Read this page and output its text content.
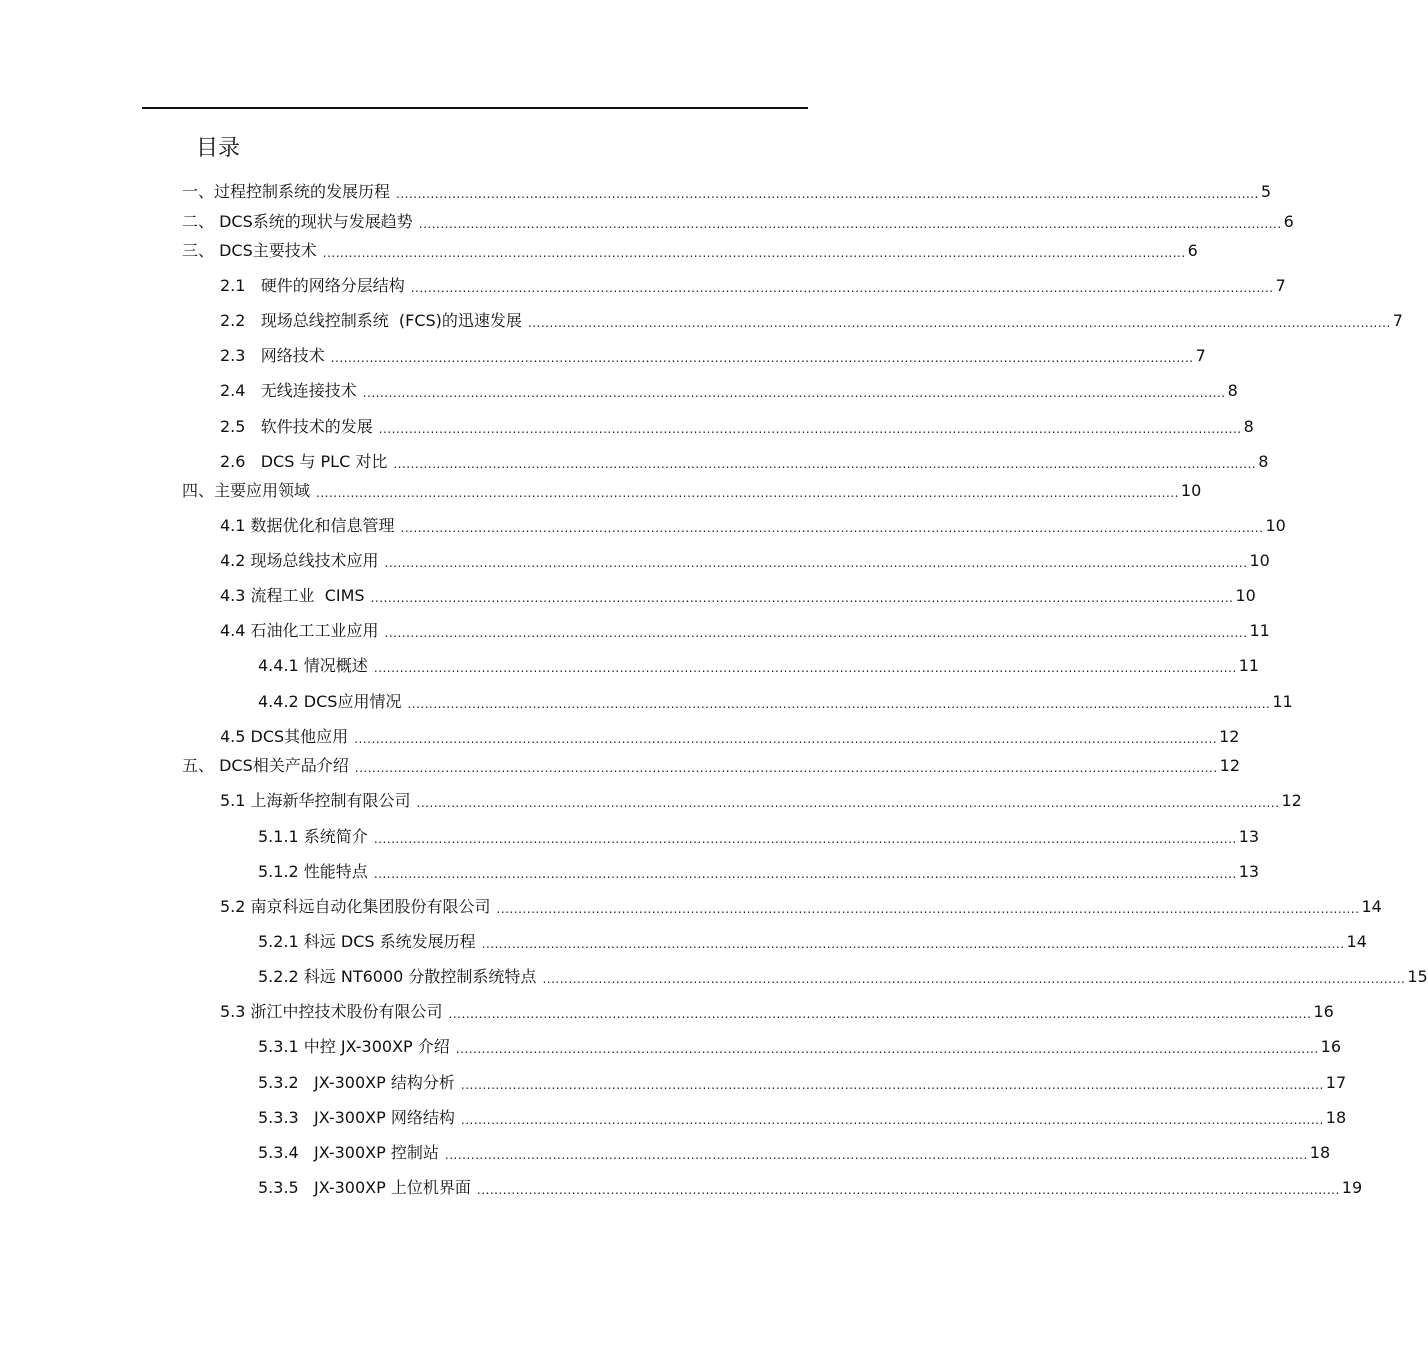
目录
一、 过程控制系统的发展历程 ........................................................................................................................................................................................................ 5
二、 DCS系统的现状与发展趋势 ........................................................................................................................................................................................................ 6
三、 DCS主要技术 ........................................................................................................................................................................................................ 6
2.1 硬件的网络分层结构 ........................................................................................................................................................................................................ 7
2.2 现场总线控制系统  (FCS)的迅速发展 ........................................................................................................................................................................................................ 7
2.3 网络技术 ........................................................................................................................................................................................................ 7
2.4 无线连接技术 ........................................................................................................................................................................................................ 8
2.5 软件技术的发展 ........................................................................................................................................................................................................ 8
2.6 DCS 与 PLC 对比 ........................................................................................................................................................................................................ 8
四、 主要应用领域 ........................................................................................................................................................................................................ 10
4.1 数据优化和信息管理 ........................................................................................................................................................................................................ 10
4.2 现场总线技术应用 ........................................................................................................................................................................................................ 10
4.3 流程工业  CIMS ........................................................................................................................................................................................................ 10
4.4 石油化工工业应用 ........................................................................................................................................................................................................ 11
4.4.1 情况概述 ........................................................................................................................................................................................................ 11
4.4.2 DCS应用情况 ........................................................................................................................................................................................................ 11
4.5 DCS其他应用 ........................................................................................................................................................................................................ 12
五、 DCS相关产品介绍 ........................................................................................................................................................................................................ 12
5.1 上海新华控制有限公司 ........................................................................................................................................................................................................ 12
5.1.1 系统简介 ........................................................................................................................................................................................................ 13
5.1.2 性能特点 ........................................................................................................................................................................................................ 13
5.2 南京科远自动化集团股份有限公司 ........................................................................................................................................................................................................ 14
5.2.1 科远 DCS 系统发展历程 ........................................................................................................................................................................................................ 14
5.2.2 科远 NT6000 分散控制系统特点 ........................................................................................................................................................................................................ 15
5.3 浙江中控技术股份有限公司 ........................................................................................................................................................................................................ 16
5.3.1 中控 JX-300XP 介绍 ........................................................................................................................................................................................................ 16
5.3.2 JX-300XP 结构分析 ........................................................................................................................................................................................................ 17
5.3.3 JX-300XP 网络结构 ........................................................................................................................................................................................................ 18
5.3.4 JX-300XP 控制站 ........................................................................................................................................................................................................ 18
5.3.5 JX-300XP 上位机界面 ........................................................................................................................................................................................................ 19
